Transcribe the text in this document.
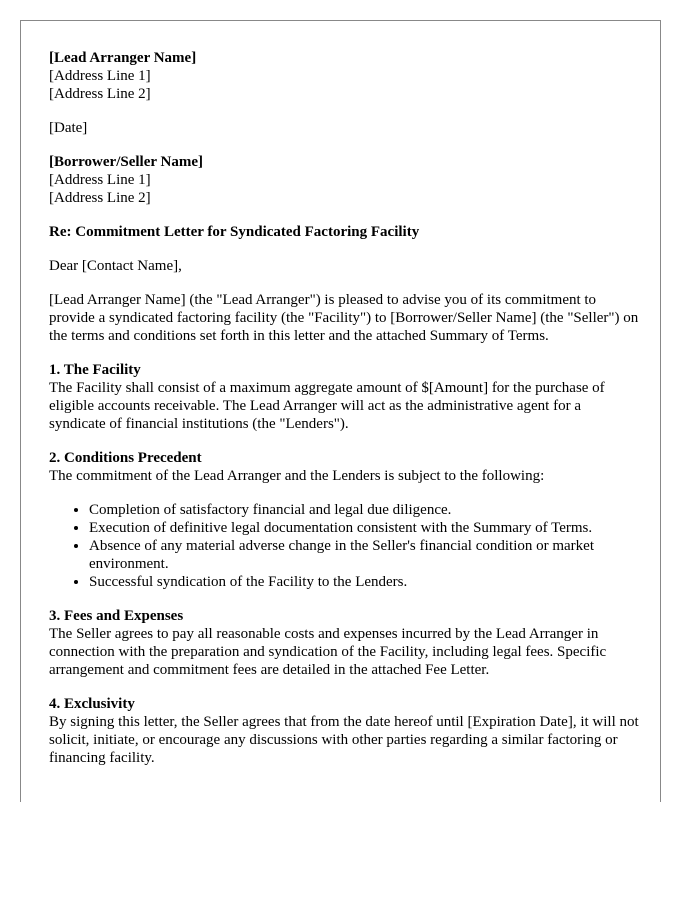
[Lead Arranger Name]
[Address Line 1]
[Address Line 2]
[Date]
[Borrower/Seller Name]
[Address Line 1]
[Address Line 2]
Re: Commitment Letter for Syndicated Factoring Facility
Dear [Contact Name],

[Lead Arranger Name] (the "Lead Arranger") is pleased to advise you of its commitment to provide a syndicated factoring facility (the "Facility") to [Borrower/Seller Name] (the "Seller") on the terms and conditions set forth in this letter and the attached Summary of Terms.

1. The Facility

The Facility shall consist of a maximum aggregate amount of $[Amount] for the purchase of eligible accounts receivable. The Lead Arranger will act as the administrative agent for a syndicate of financial institutions (the "Lenders").

2. Conditions Precedent

The commitment of the Lead Arranger and the Lenders is subject to the following:

• Completion of satisfactory financial and legal due diligence.
• Execution of definitive legal documentation consistent with the Summary of Terms.
• Absence of any material adverse change in the Seller's financial condition or market environment.
• Successful syndication of the Facility to the Lenders.
3. Fees and Expenses

The Seller agrees to pay all reasonable costs and expenses incurred by the Lead Arranger in connection with the preparation and syndication of the Facility, including legal fees. Specific arrangement and commitment fees are detailed in the attached Fee Letter.

4. Exclusivity

By signing this letter, the Seller agrees that from the date hereof until [Expiration Date], it will not solicit, initiate, or encourage any discussions with other parties regarding a similar factoring or financing facility.
